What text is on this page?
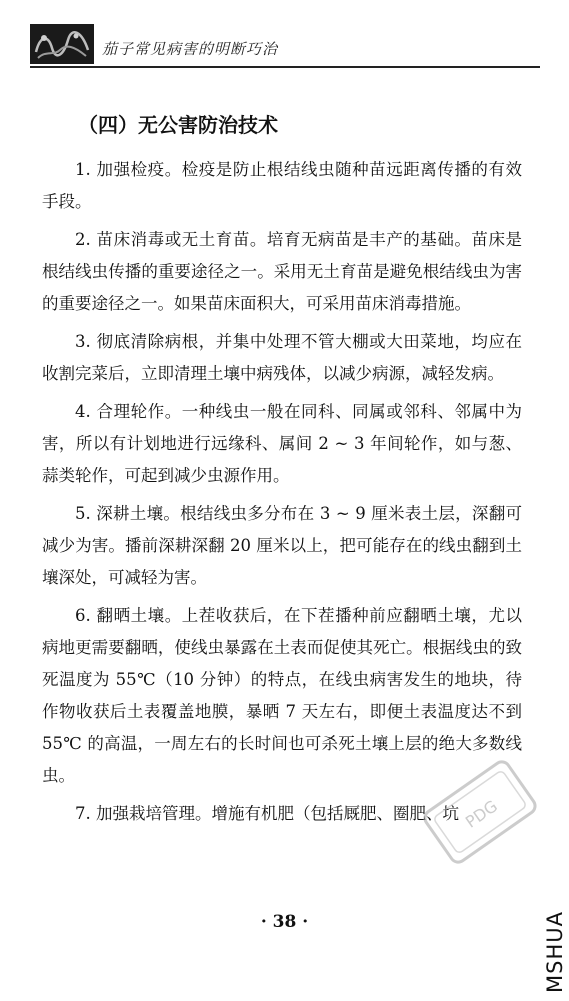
茄子常见病害的明断巧治
（四）无公害防治技术

1. 加强检疫。检疫是防止根结线虫随种苗远距离传播的有效手段。

2. 苗床消毒或无土育苗。培育无病苗是丰产的基础。苗床是根结线虫传播的重要途径之一。采用无土育苗是避免根结线虫为害的重要途径之一。如果苗床面积大，可采用苗床消毒措施。

3. 彻底清除病根，并集中处理不管大棚或大田菜地，均应在收割完菜后，立即清理土壤中病残体，以减少病源，减轻发病。

4. 合理轮作。一种线虫一般在同科、同属或邻科、邻属中为害，所以有计划地进行远缘科、属间 2 ~ 3 年间轮作，如与葱、蒜类轮作，可起到减少虫源作用。

5. 深耕土壤。根结线虫多分布在 3 ~ 9 厘米表土层，深翻可减少为害。播前深耕深翻 20 厘米以上，把可能存在的线虫翻到土壤深处，可减轻为害。

6. 翻晒土壤。上茬收获后，在下茬播种前应翻晒土壤，尤以病地更需要翻晒，使线虫暴露在土表而促使其死亡。根据线虫的致死温度为 55℃（10 分钟）的特点，在线虫病害发生的地块，待作物收获后土表覆盖地膜，暴晒 7 天左右，即便土表温度达不到 55℃ 的高温，一周左右的长时间也可杀死土壤上层的绝大多数线虫。

7. 加强栽培管理。增施有机肥（包括厩肥、圈肥、坑

· 38 ·
PDG
MSHUA
